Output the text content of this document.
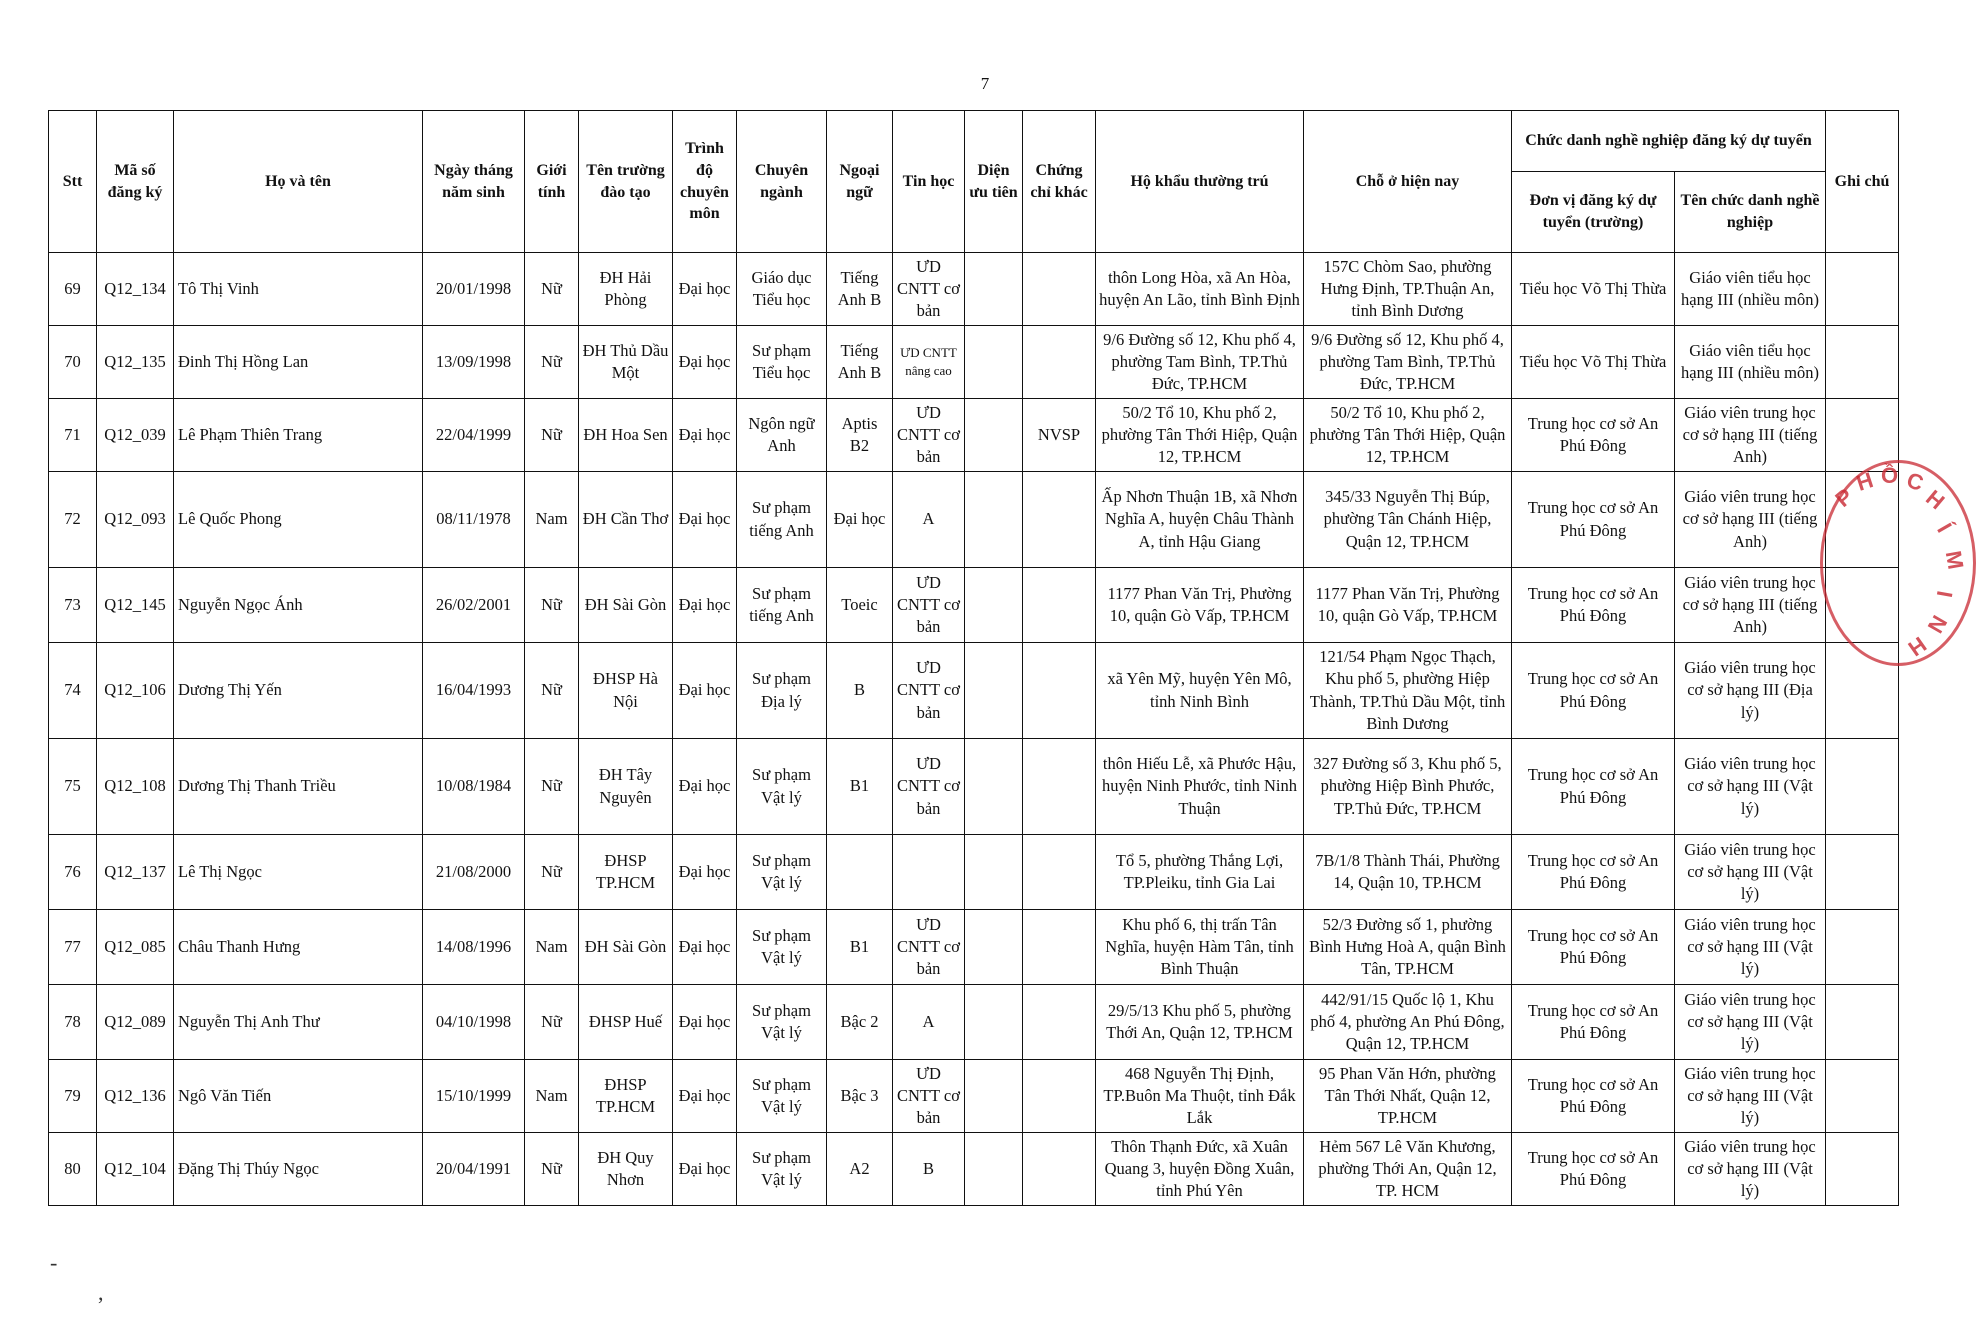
7
Stt	Mã số đăng ký	Họ và tên	Ngày tháng năm sinh	Giới tính	Tên trường đào tạo	Trình độ chuyên môn	Chuyên ngành	Ngoại ngữ	Tin học	Diện ưu tiên	Chứng chỉ khác	Hộ khẩu thường trú	Chỗ ở hiện nay	Chức danh nghề nghiệp đăng ký dự tuyển		Ghi chú
														Đơn vị đăng ký dự tuyển (trường)	Tên chức danh nghề nghiệp	
69	Q12_134	Tô Thị Vinh	20/01/1998	Nữ	ĐH Hải Phòng	Đại học	Giáo dục Tiểu học	Tiếng Anh B	ƯD CNTT cơ bản			thôn Long Hòa, xã An Hòa, huyện An Lão, tỉnh Bình Định	157C Chòm Sao, phường Hưng Định, TP.Thuận An, tỉnh Bình Dương	Tiểu học Võ Thị Thừa	Giáo viên tiểu học hạng III (nhiều môn)	
70	Q12_135	Đinh Thị Hồng Lan	13/09/1998	Nữ	ĐH Thủ Dầu Một	Đại học	Sư phạm Tiểu học	Tiếng Anh B	ƯD CNTT nâng cao			9/6 Đường số 12, Khu phố 4, phường Tam Bình, TP.Thủ Đức, TP.HCM	9/6 Đường số 12, Khu phố 4, phường Tam Bình, TP.Thủ Đức, TP.HCM	Tiểu học Võ Thị Thừa	Giáo viên tiểu học hạng III (nhiều môn)	
71	Q12_039	Lê Phạm Thiên Trang	22/04/1999	Nữ	ĐH Hoa Sen	Đại học	Ngôn ngữ Anh	Aptis B2	ƯD CNTT cơ bản		NVSP	50/2 Tổ 10, Khu phố 2, phường Tân Thới Hiệp, Quận 12, TP.HCM	50/2 Tổ 10, Khu phố 2, phường Tân Thới Hiệp, Quận 12, TP.HCM	Trung học cơ sở An Phú Đông	Giáo viên trung học cơ sở hạng III (tiếng Anh)	
72	Q12_093	Lê Quốc Phong	08/11/1978	Nam	ĐH Cần Thơ	Đại học	Sư phạm tiếng Anh	Đại học	A			Ấp Nhơn Thuận 1B, xã Nhơn Nghĩa A, huyện Châu Thành A, tỉnh Hậu Giang	345/33 Nguyễn Thị Búp, phường Tân Chánh Hiệp, Quận 12, TP.HCM	Trung học cơ sở An Phú Đông	Giáo viên trung học cơ sở hạng III (tiếng Anh)	
73	Q12_145	Nguyễn Ngọc Ánh	26/02/2001	Nữ	ĐH Sài Gòn	Đại học	Sư phạm tiếng Anh	Toeic	ƯD CNTT cơ bản			1177 Phan Văn Trị, Phường 10, quận Gò Vấp, TP.HCM	1177 Phan Văn Trị, Phường 10, quận Gò Vấp, TP.HCM	Trung học cơ sở An Phú Đông	Giáo viên trung học cơ sở hạng III (tiếng Anh)	
74	Q12_106	Dương Thị Yến	16/04/1993	Nữ	ĐHSP Hà Nội	Đại học	Sư phạm Địa lý	B	ƯD CNTT cơ bản			xã Yên Mỹ, huyện Yên Mô, tỉnh Ninh Bình	121/54 Phạm Ngọc Thạch, Khu phố 5, phường Hiệp Thành, TP.Thủ Dầu Một, tỉnh Bình Dương	Trung học cơ sở An Phú Đông	Giáo viên trung học cơ sở hạng III (Địa lý)	
75	Q12_108	Dương Thị Thanh Triều	10/08/1984	Nữ	ĐH Tây Nguyên	Đại học	Sư phạm Vật lý	B1	ƯD CNTT cơ bản			thôn Hiếu Lễ, xã Phước Hậu, huyện Ninh Phước, tỉnh Ninh Thuận	327 Đường số 3, Khu phố 5, phường Hiệp Bình Phước, TP.Thủ Đức, TP.HCM	Trung học cơ sở An Phú Đông	Giáo viên trung học cơ sở hạng III (Vật lý)	
76	Q12_137	Lê Thị Ngọc	21/08/2000	Nữ	ĐHSP TP.HCM	Đại học	Sư phạm Vật lý					Tổ 5, phường Thắng Lợi, TP.Pleiku, tỉnh Gia Lai	7B/1/8 Thành Thái, Phường 14, Quận 10, TP.HCM	Trung học cơ sở An Phú Đông	Giáo viên trung học cơ sở hạng III (Vật lý)	
77	Q12_085	Châu Thanh Hưng	14/08/1996	Nam	ĐH Sài Gòn	Đại học	Sư phạm Vật lý	B1	ƯD CNTT cơ bản			Khu phố 6, thị trấn Tân Nghĩa, huyện Hàm Tân, tỉnh Bình Thuận	52/3 Đường số 1, phường Bình Hưng Hoà A, quận Bình Tân, TP.HCM	Trung học cơ sở An Phú Đông	Giáo viên trung học cơ sở hạng III (Vật lý)	
78	Q12_089	Nguyễn Thị Anh Thư	04/10/1998	Nữ	ĐHSP Huế	Đại học	Sư phạm Vật lý	Bậc 2	A			29/5/13 Khu phố 5, phường Thới An, Quận 12, TP.HCM	442/91/15 Quốc lộ 1, Khu phố 4, phường An Phú Đông, Quận 12, TP.HCM	Trung học cơ sở An Phú Đông	Giáo viên trung học cơ sở hạng III (Vật lý)	
79	Q12_136	Ngô Văn Tiến	15/10/1999	Nam	ĐHSP TP.HCM	Đại học	Sư phạm Vật lý	Bậc 3	ƯD CNTT cơ bản			468 Nguyễn Thị Định, TP.Buôn Ma Thuột, tỉnh Đắk Lắk	95 Phan Văn Hớn, phường Tân Thới Nhất, Quận 12, TP.HCM	Trung học cơ sở An Phú Đông	Giáo viên trung học cơ sở hạng III (Vật lý)	
80	Q12_104	Đặng Thị Thúy Ngọc	20/04/1991	Nữ	ĐH Quy Nhơn	Đại học	Sư phạm Vật lý	A2	B			Thôn Thạnh Đức, xã Xuân Quang 3, huyện Đồng Xuân, tỉnh Phú Yên	Hẻm 567 Lê Văn Khương, phường Thới An, Quận 12, TP. HCM	Trung học cơ sở An Phú Đông	Giáo viên trung học cơ sở hạng III (Vật lý)	
P
H Ồ C
H
Í
M
I
N
H
-
,
